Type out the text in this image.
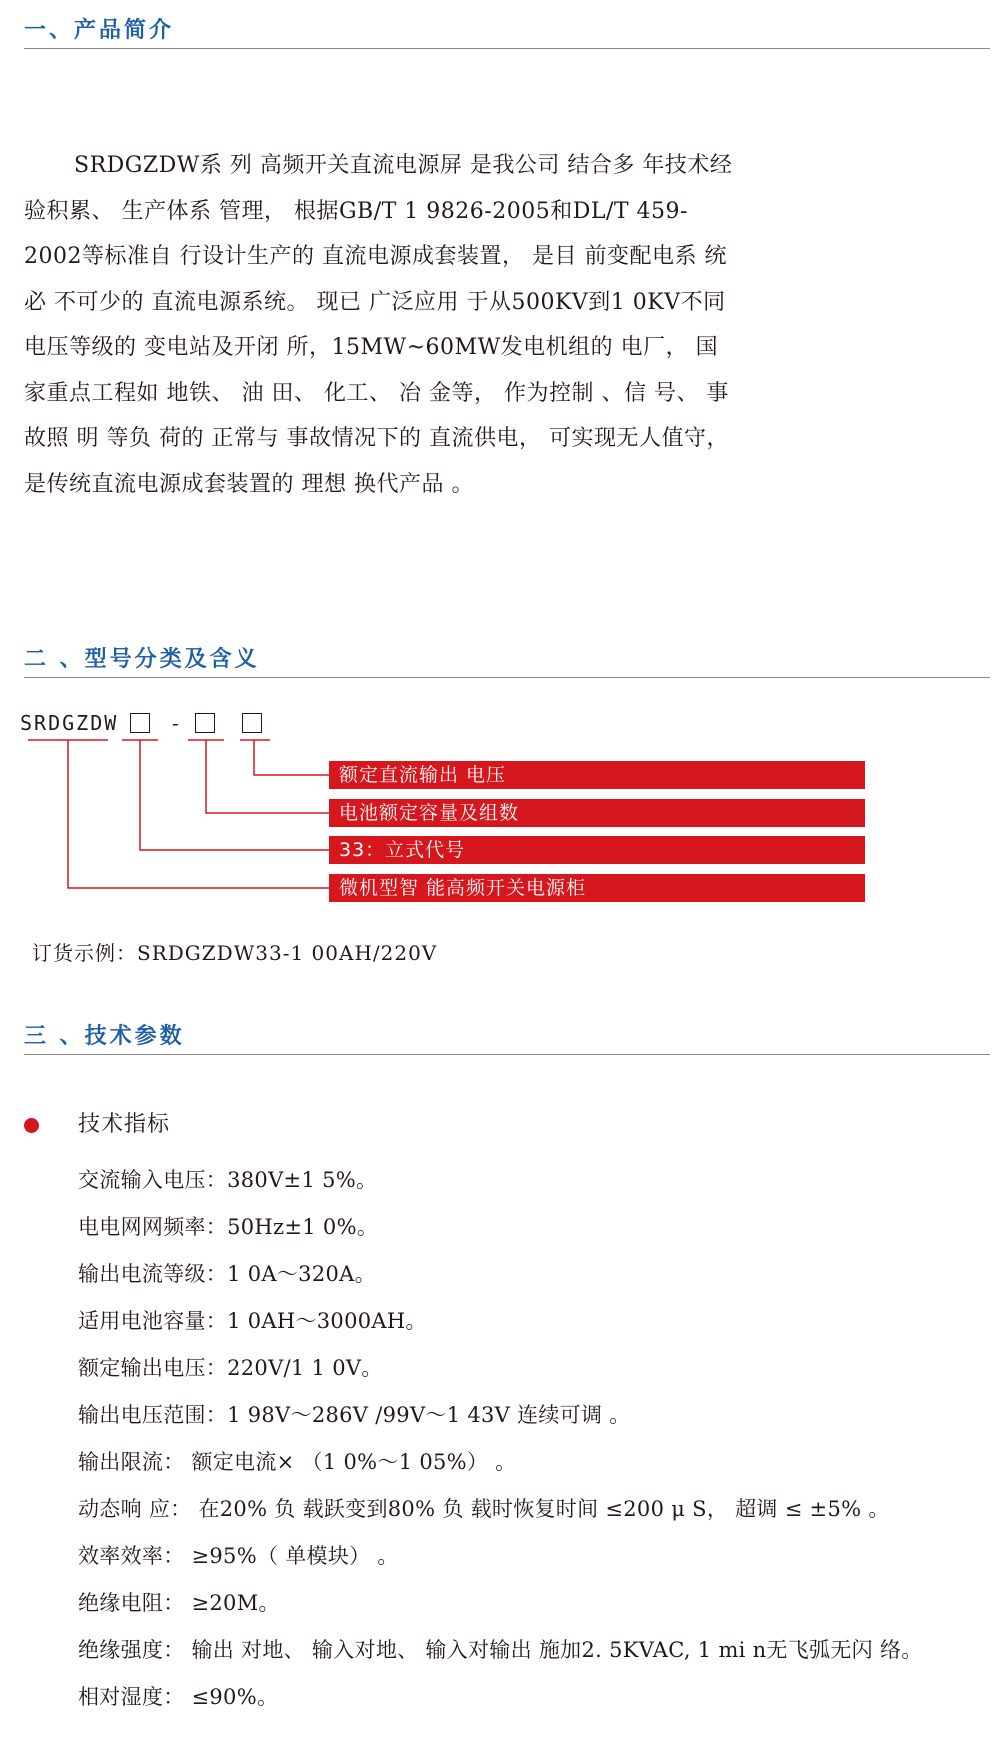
一、产品简介

SRDGZDW系 列 高频开关直流电源屏 是我公司 结合多 年技术经验积累、 生产体系 管理， 根据GB/T 1 9826-2005和DL/T 459-2002等标准自 行设计生产的 直流电源成套装置， 是目 前变配电系 统必 不可少的 直流电源系统。 现已 广泛应用 于从500KV到1 0KV不同 电压等级的 变电站及开闭 所，15MW~60MW发电机组的 电厂， 国 家重点工程如 地铁、 油 田、 化工、 冶 金等， 作为控制 、信 号、 事故照 明 等负 荷的 正常与 事故情况下的 直流供电， 可实现无人值守，是传统直流电源成套装置的 理想 换代产品 。

二 、型号分类及含义
SRDGZDW	-
额定直流输出 电压
电池额定容量及组数
33：立式代号
微机型智 能高频开关电源柜
订货示例：SRDGZDW33-1 00AH/220V
三 、技术参数
技术指标
交流输入电压：380V±1 5%。
电电网网频率：50Hz±1 0%。
输出电流等级：1 0A～320A。
适用电池容量：1 0AH～3000AH。
额定输出电压：220V/1 1 0V。
输出电压范围：1 98V～286V /99V～1 43V 连续可调 。
输出限流： 额定电流× （1 0%～1 05%） 。
动态响 应： 在20% 负 载跃变到80% 负 载时恢复时间 ≤200 μ S， 超调 ≤ ±5% 。
效率效率： ≥95%（ 单模块） 。
绝缘电阻： ≥20M。
绝缘强度： 输出 对地、 输入对地、 输入对输出 施加2. 5KVAC, 1 mi n无飞弧无闪 络。
相对湿度： ≤90%。
